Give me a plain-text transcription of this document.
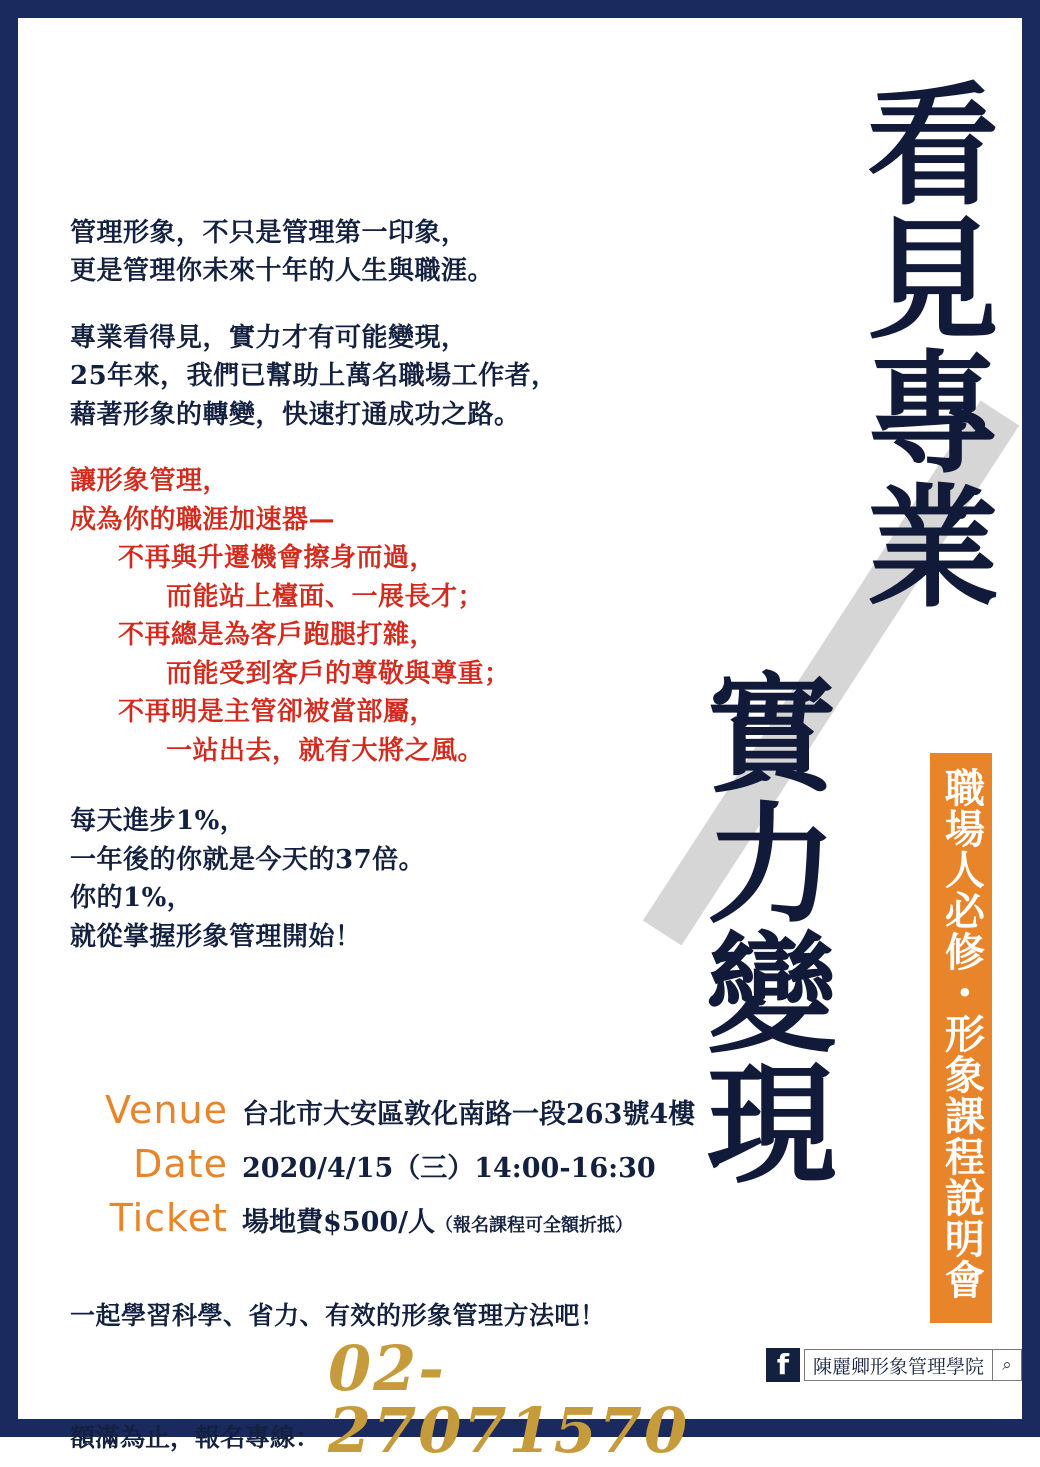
看見專業
實力變現	職場人必修・形象課程說明會

管理形象，不只是管理第一印象，
更是管理你未來十年的人生與職涯。

專業看得見，實力才有可能變現，
25年來，我們已幫助上萬名職場工作者，
藉著形象的轉變，快速打通成功之路。

讓形象管理，
成為你的職涯加速器—
不再與升遷機會擦身而過，
而能站上檯面、一展長才；
不再總是為客戶跑腿打雜，
而能受到客戶的尊敬與尊重；
不再明是主管卻被當部屬，
一站出去，就有大將之風。

每天進步1%，
一年後的你就是今天的37倍。
你的1%，
就從掌握形象管理開始！

Venue 台北市大安區敦化南路一段263號4樓
Date 2020/4/15（三）14:00-16:30
Ticket 場地費$500/人（報名課程可全額折抵）
一起學習科學、省力、有效的形象管理方法吧！
額滿為止，報名專線：
02-27071570
f	陳麗卿形象管理學院	⌕
